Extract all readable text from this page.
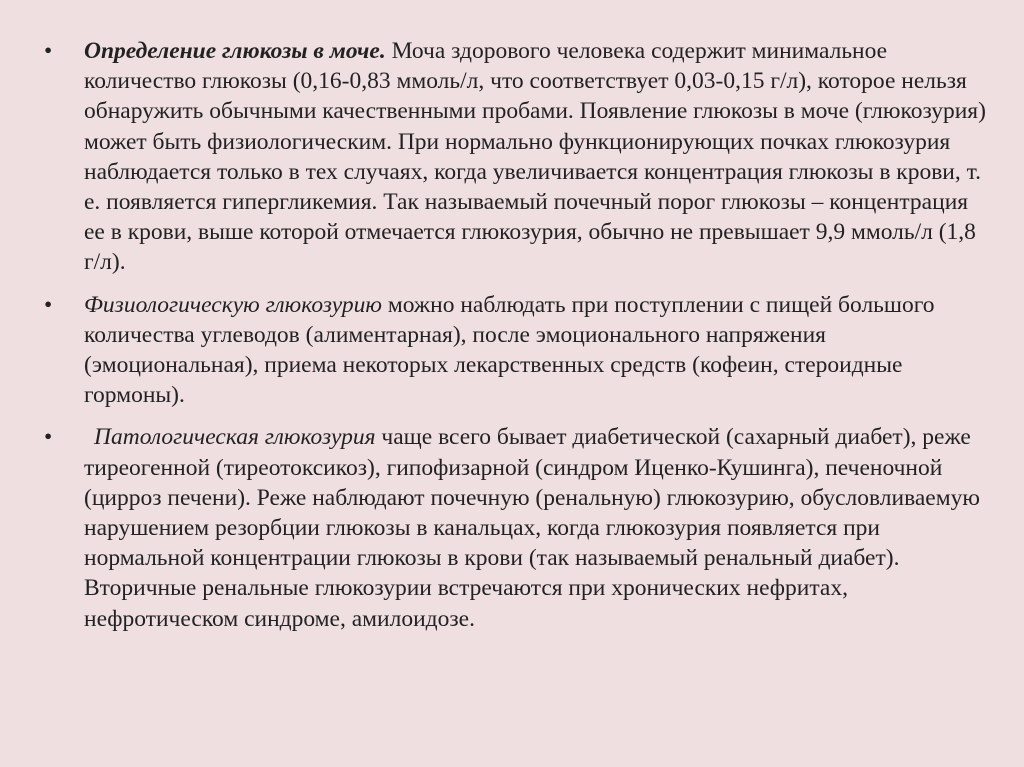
•	Определение глюкозы в моче. Моча здорового человека содержит минимальное количество глюкозы (0,16-0,83 ммоль/л, что соответствует 0,03-0,15 г/л), которое нельзя обнаружить обычными качественными пробами. Появление глюкозы в моче (глюкозурия) может быть физиологическим. При нормально функционирующих почках глюкозурия наблюдается только в тех случаях, когда увеличивается концентрация глюкозы в крови, т. е. появляется гипергликемия. Так называемый почечный порог глюкозы – концентрация ее в крови, выше которой отмечается глюкозурия, обычно не превышает 9,9 ммоль/л (1,8 г/л).
•	Физиологическую глюкозурию можно наблюдать при поступлении с пищей большого количества углеводов (алиментарная), после эмоционального напряжения (эмоциональная), приема некоторых лекарственных средств (кофеин, стероидные гормоны).
•	Патологическая глюкозурия чаще всего бывает диабетической (сахарный диабет), реже тиреогенной (тиреотоксикоз), гипофизарной (синдром Иценко-Кушинга), печеночной (цирроз печени). Реже наблюдают почечную (ренальную) глюкозурию, обусловливаемую нарушением резорбции глюкозы в канальцах, когда глюкозурия появляется при нормальной концентрации глюкозы в крови (так называемый ренальный диабет). Вторичные ренальные глюкозурии встречаются при хронических нефритах, нефротическом синдроме, амилоидозе.
